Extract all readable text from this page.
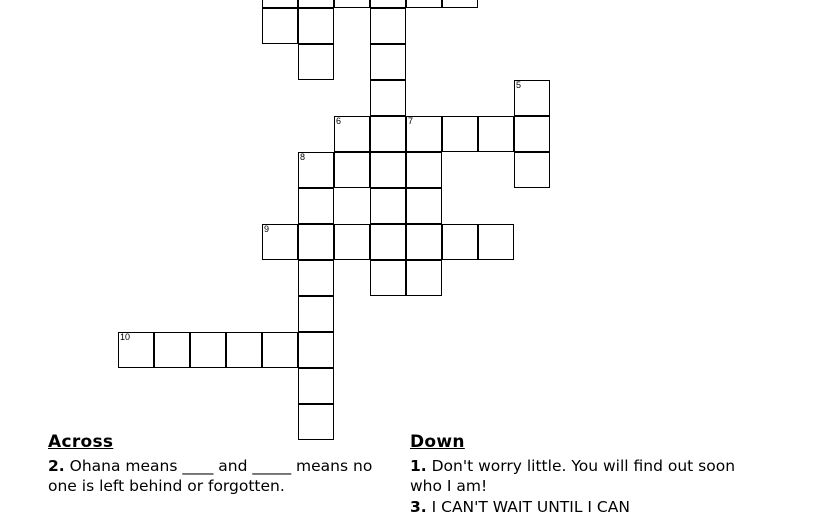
5
6	7
8
9
10
Across
2. Ohana means ____ and _____ means no one is left behind or forgotten.
Down
1. Don't worry little. You will find out soon who I am!
3. I CAN'T WAIT UNTIL I CAN
